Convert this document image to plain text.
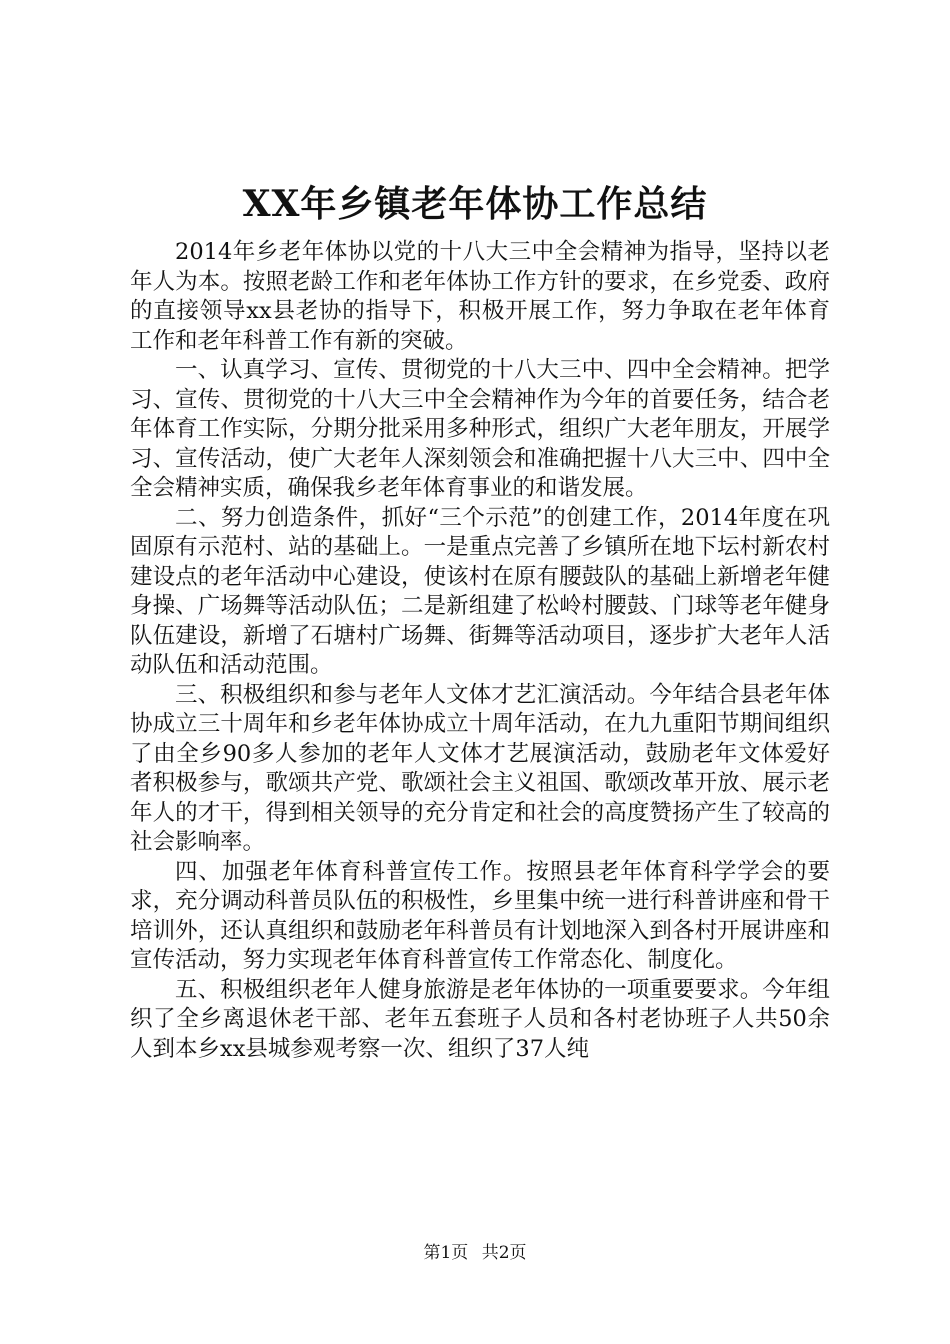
XX年乡镇老年体协工作总结

2014年乡老年体协以党的十八大三中全会精神为指导，坚持以老年人为本。按照老龄工作和老年体协工作方针的要求，在乡党委、政府的直接领导xx县老协的指导下，积极开展工作，努力争取在老年体育工作和老年科普工作有新的突破。

一、认真学习、宣传、贯彻党的十八大三中、四中全会精神。把学习、宣传、贯彻党的十八大三中全会精神作为今年的首要任务，结合老年体育工作实际，分期分批采用多种形式，组织广大老年朋友，开展学习、宣传活动，使广大老年人深刻领会和准确把握十八大三中、四中全全会精神实质，确保我乡老年体育事业的和谐发展。

二、努力创造条件，抓好“三个示范”的创建工作，2014年度在巩固原有示范村、站的基础上。一是重点完善了乡镇所在地下坛村新农村建设点的老年活动中心建设，使该村在原有腰鼓队的基础上新增老年健身操、广场舞等活动队伍；二是新组建了松岭村腰鼓、门球等老年健身队伍建设，新增了石塘村广场舞、街舞等活动项目，逐步扩大老年人活动队伍和活动范围。

三、积极组织和参与老年人文体才艺汇演活动。今年结合县老年体协成立三十周年和乡老年体协成立十周年活动，在九九重阳节期间组织了由全乡90多人参加的老年人文体才艺展演活动，鼓励老年文体爱好者积极参与，歌颂共产党、歌颂社会主义祖国、歌颂改革开放、展示老年人的才干，得到相关领导的充分肯定和社会的高度赞扬产生了较高的社会影响率。

四、加强老年体育科普宣传工作。按照县老年体育科学学会的要求，充分调动科普员队伍的积极性，乡里集中统一进行科普讲座和骨干培训外，还认真组织和鼓励老年科普员有计划地深入到各村开展讲座和宣传活动，努力实现老年体育科普宣传工作常态化、制度化。

五、积极组织老年人健身旅游是老年体协的一项重要要求。今年组织了全乡离退休老干部、老年五套班子人员和各村老协班子人共50余人到本乡xx县城参观考察一次、组织了37人纯

第1页 共2页
